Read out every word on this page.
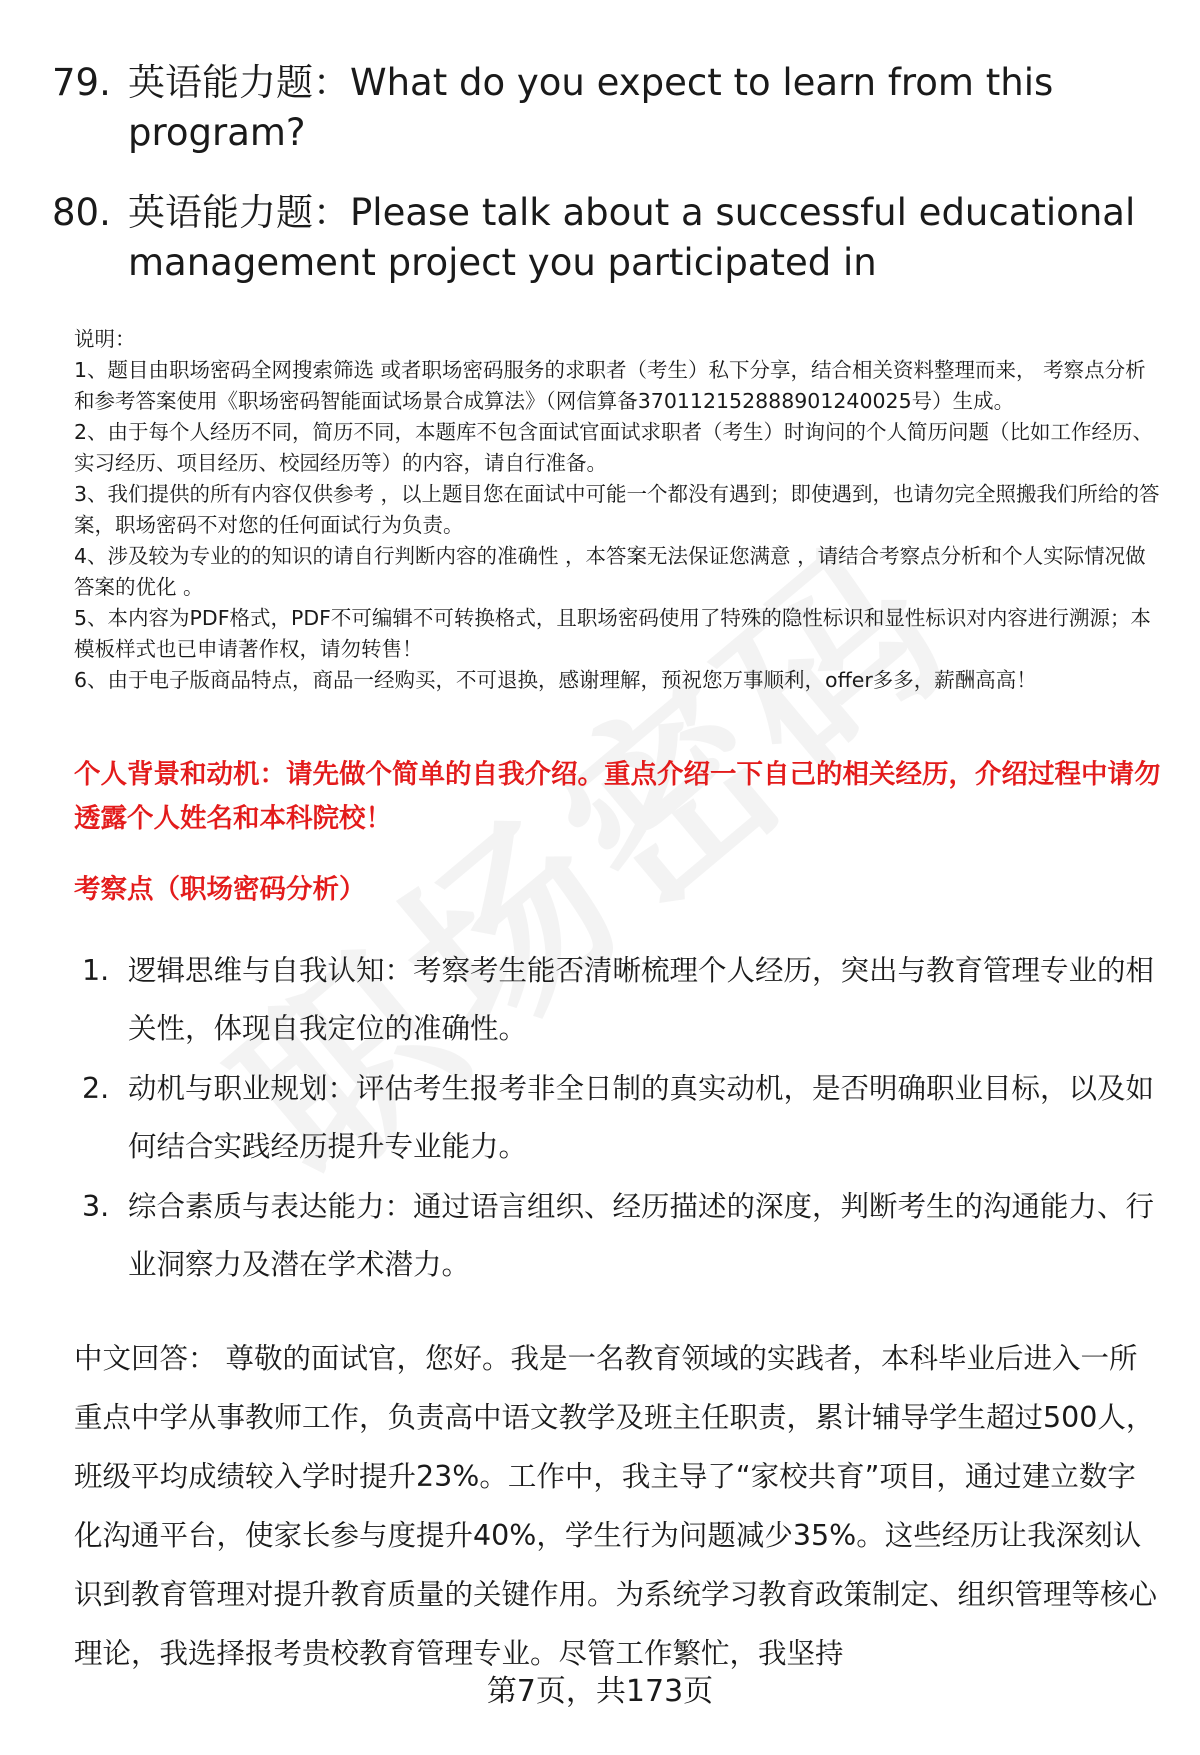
79. 英语能力题：What do you expect to learn from this program?
80. 英语能力题：Please talk about a successful educational management project you participated in

说明：

1、题目由职场密码全网搜索筛选 或者职场密码服务的求职者（考生）私下分享，结合相关资料整理而来， 考察点分析和参考答案使用《职场密码智能面试场景合成算法》（网信算备370112152888901240025号）生成。

2、由于每个人经历不同，简历不同，本题库不包含面试官面试求职者（考生）时询问的个人简历问题（比如工作经历、实习经历、项目经历、校园经历等）的内容，请自行准备。

3、我们提供的所有内容仅供参考 ，以上题目您在面试中可能一个都没有遇到；即使遇到，也请勿完全照搬我们所给的答案，职场密码不对您的任何面试行为负责。

4、涉及较为专业的的知识的请自行判断内容的准确性 ，本答案无法保证您满意 ，请结合考察点分析和个人实际情况做答案的优化 。

5、本内容为PDF格式，PDF不可编辑不可转换格式，且职场密码使用了特殊的隐性标识和显性标识对内容进行溯源；本模板样式也已申请著作权，请勿转售！

6、由于电子版商品特点，商品一经购买，不可退换，感谢理解，预祝您万事顺利，offer多多，薪酬高高！

个人背景和动机：请先做个简单的自我介绍。重点介绍一下自己的相关经历，介绍过程中请勿透露个人姓名和本科院校！
考察点（职场密码分析）
1. 逻辑思维与自我认知：考察考生能否清晰梳理个人经历，突出与教育管理专业的相关性，体现自我定位的准确性。
2. 动机与职业规划：评估考生报考非全日制的真实动机，是否明确职业目标，以及如何结合实践经历提升专业能力。
3. 综合素质与表达能力：通过语言组织、经历描述的深度，判断考生的沟通能力、行业洞察力及潜在学术潜力。
中文回答： 尊敬的面试官，您好。我是一名教育领域的实践者，本科毕业后进入一所重点中学从事教师工作，负责高中语文教学及班主任职责，累计辅导学生超过500人，班级平均成绩较入学时提升23%。工作中，我主导了“家校共育”项目，通过建立数字化沟通平台，使家长参与度提升40%，学生行为问题减少35%。这些经历让我深刻认识到教育管理对提升教育质量的关键作用。为系统学习教育政策制定、组织管理等核心理论，我选择报考贵校教育管理专业。尽管工作繁忙，我坚持
第7页，共173页
